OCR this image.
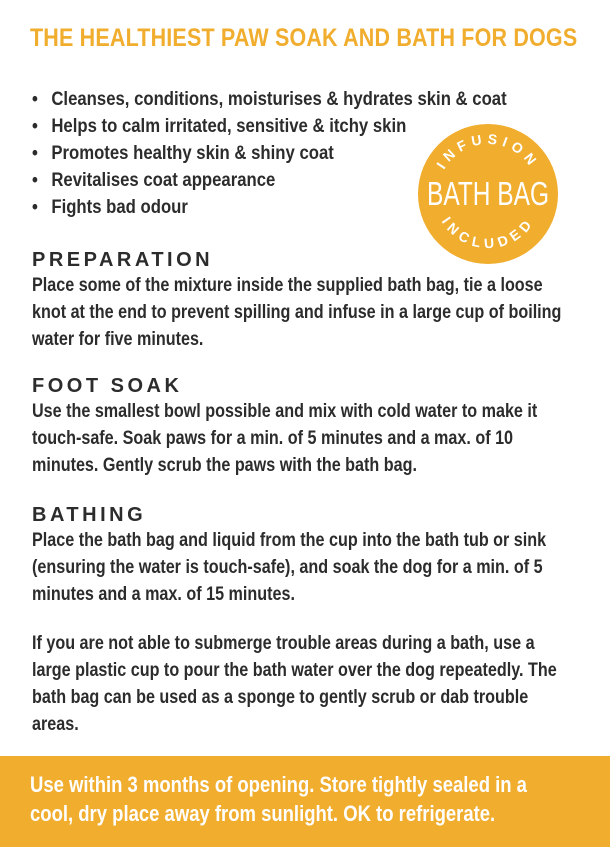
THE HEALTHIEST PAW SOAK AND BATH FOR DOGS
• Cleanses, conditions, moisturises & hydrates skin & coat
• Helps to calm irritated, sensitive & itchy skin
• Promotes healthy skin & shiny coat
• Revitalises coat appearance
• Fights bad odour
INFUSION
BATH BAG
INCLUDED
PREPARATION

Place some of the mixture inside the supplied bath bag, tie a loose knot at the end to prevent spilling and infuse in a large cup of boiling water for five minutes.

FOOT SOAK

Use the smallest bowl possible and mix with cold water to make it touch-safe. Soak paws for a min. of 5 minutes and a max. of 10 minutes. Gently scrub the paws with the bath bag.

BATHING

Place the bath bag and liquid from the cup into the bath tub or sink (ensuring the water is touch-safe), and soak the dog for a min. of 5 minutes and a max. of 15 minutes.

If you are not able to submerge trouble areas during a bath, use a large plastic cup to pour the bath water over the dog repeatedly. The bath bag can be used as a sponge to gently scrub or dab trouble areas.

Use within 3 months of opening. Store tightly sealed in a cool, dry place away from sunlight. OK to refrigerate.
